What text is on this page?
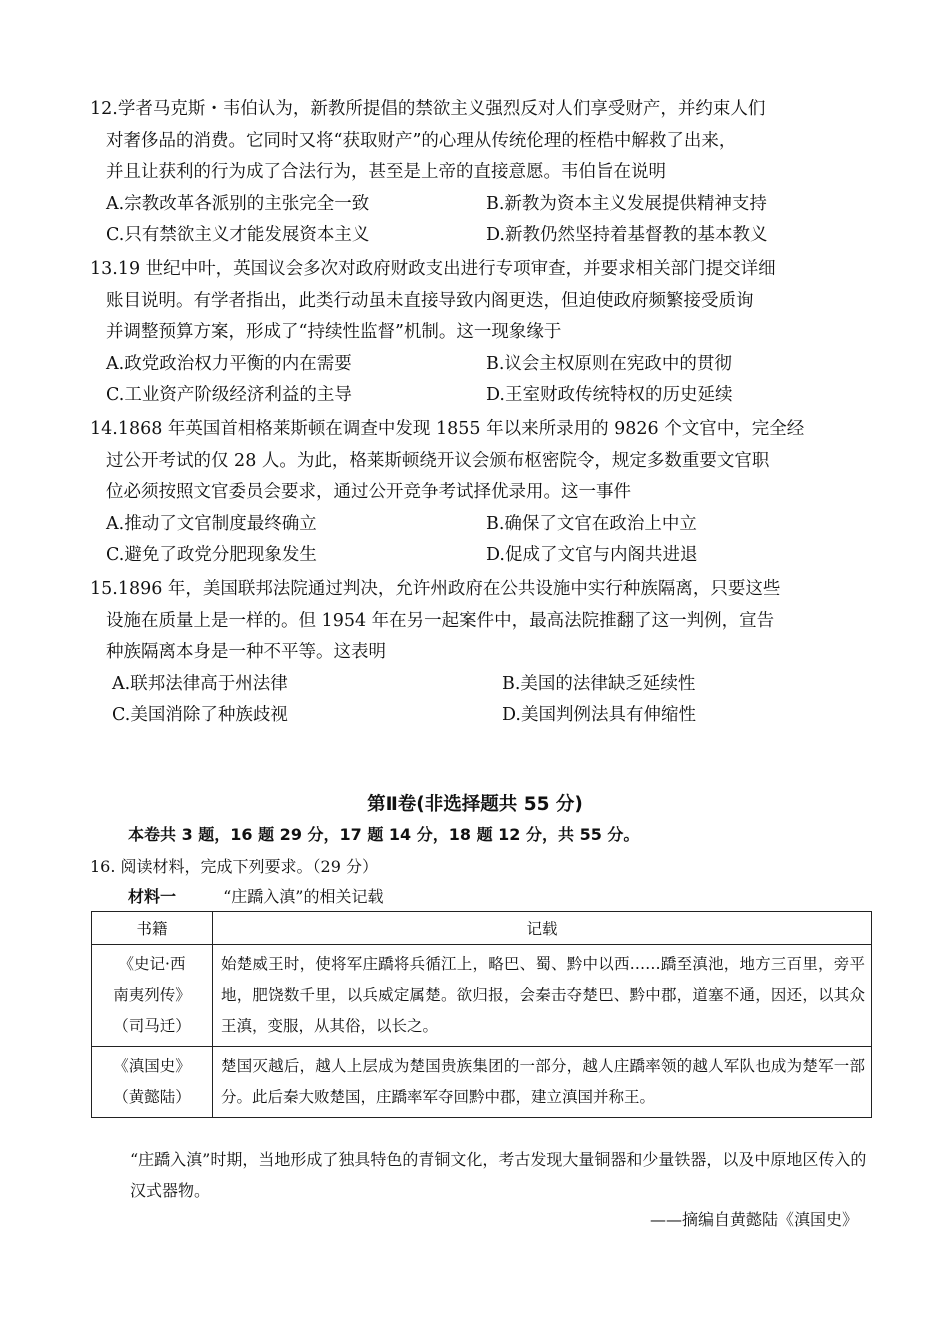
12.学者马克斯・韦伯认为，新教所提倡的禁欲主义强烈反对人们享受财产，并约束人们
对奢侈品的消费。它同时又将“获取财产”的心理从传统伦理的桎梏中解救了出来，
并且让获利的行为成了合法行为，甚至是上帝的直接意愿。韦伯旨在说明
A.宗教改革各派别的主张完全一致	B.新教为资本主义发展提供精神支持
C.只有禁欲主义才能发展资本主义	D.新教仍然坚持着基督教的基本教义
13.19 世纪中叶，英国议会多次对政府财政支出进行专项审查，并要求相关部门提交详细
账目说明。有学者指出，此类行动虽未直接导致内阁更迭，但迫使政府频繁接受质询
并调整预算方案，形成了“持续性监督”机制。这一现象缘于
A.政党政治权力平衡的内在需要	B.议会主权原则在宪政中的贯彻
C.工业资产阶级经济利益的主导	D.王室财政传统特权的历史延续
14.1868 年英国首相格莱斯顿在调查中发现 1855 年以来所录用的 9826 个文官中，完全经
过公开考试的仅 28 人。为此，格莱斯顿绕开议会颁布枢密院令，规定多数重要文官职
位必须按照文官委员会要求，通过公开竞争考试择优录用。这一事件
A.推动了文官制度最终确立	B.确保了文官在政治上中立
C.避免了政党分肥现象发生	D.促成了文官与内阁共进退
15.1896 年，美国联邦法院通过判决，允许州政府在公共设施中实行种族隔离，只要这些
设施在质量上是一样的。但 1954 年在另一起案件中，最高法院推翻了这一判例，宣告
种族隔离本身是一种不平等。这表明
A.联邦法律高于州法律	B.美国的法律缺乏延续性
C.美国消除了种族歧视	D.美国判例法具有伸缩性
第Ⅱ卷(非选择题共 55 分)
本卷共 3 题，16 题 29 分，17 题 14 分，18 题 12 分，共 55 分。
16. 阅读材料，完成下列要求。（29 分）
材料一	“庄蹻入滇”的相关记载
书籍	记载

《史记·西
南夷列传》
（司马迁）	始楚威王时，使将军庄蹻将兵循江上，略巴、蜀、黔中以西……蹻至滇池，地方三百里，旁平地，肥饶数千里，以兵威定属楚。欲归报，会秦击夺楚巴、黔中郡，道塞不通，因还，以其众王滇，变服，从其俗，以长之。

《滇国史》
（黄懿陆）	楚国灭越后，越人上层成为楚国贵族集团的一部分，越人庄蹻率领的越人军队也成为楚军一部分。此后秦大败楚国，庄蹻率军夺回黔中郡，建立滇国并称王。
“庄蹻入滇”时期，当地形成了独具特色的青铜文化，考古发现大量铜器和少量铁器，以及中原地区传入的汉式器物。
——摘编自黄懿陆《滇国史》
